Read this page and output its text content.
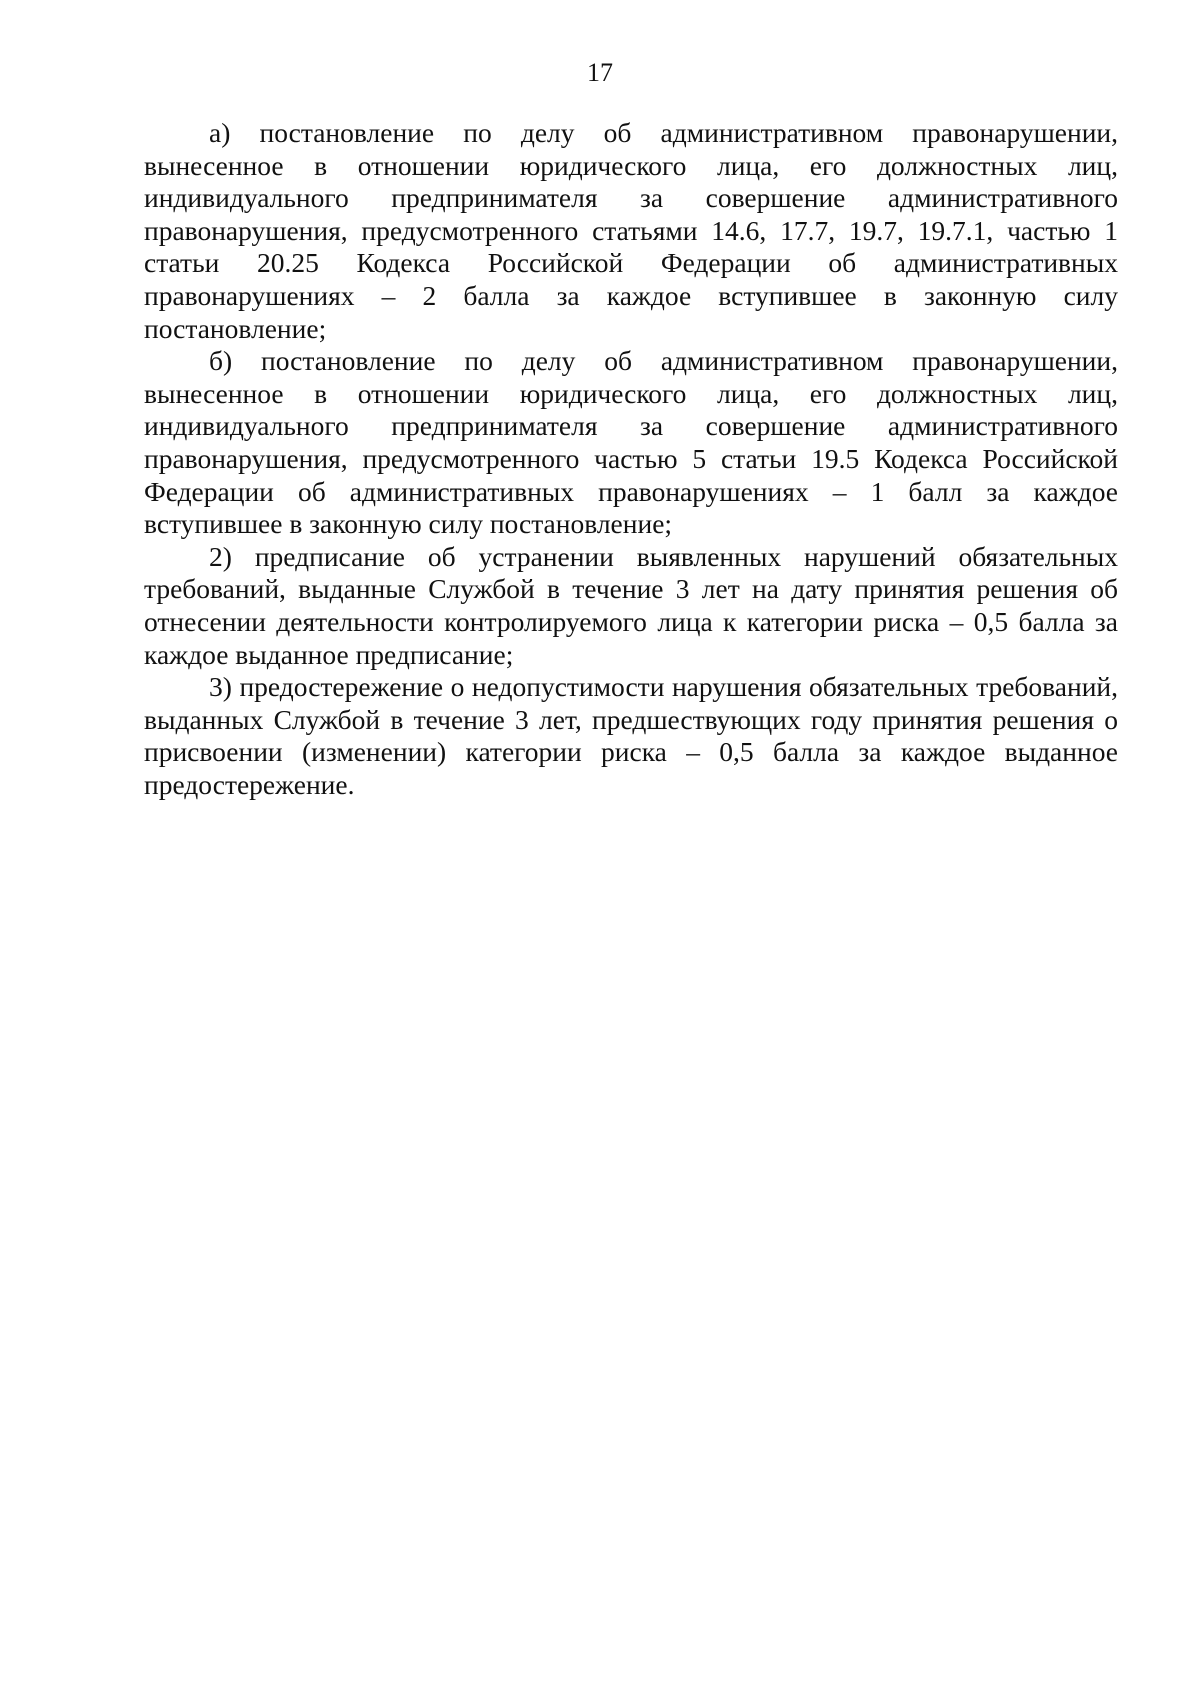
17

а) постановление по делу об административном правонарушении, вынесенное в отношении юридического лица, его должностных лиц, индивидуального предпринимателя за совершение административного правонарушения, предусмотренного статьями 14.6, 17.7, 19.7, 19.7.1, частью 1 статьи 20.25 Кодекса Российской Федерации об административных правонарушениях – 2 балла за каждое вступившее в законную силу постановление;

б) постановление по делу об административном правонарушении, вынесенное в отношении юридического лица, его должностных лиц, индивидуального предпринимателя за совершение административного правонарушения, предусмотренного частью 5 статьи 19.5 Кодекса Российской Федерации об административных правонарушениях – 1 балл за каждое вступившее в законную силу постановление;

2) предписание об устранении выявленных нарушений обязательных требований, выданные Службой в течение 3 лет на дату принятия решения об отнесении деятельности контролируемого лица к категории риска – 0,5 балла за каждое выданное предписание;

3) предостережение о недопустимости нарушения обязательных требований, выданных Службой в течение 3 лет, предшествующих году принятия решения о присвоении (изменении) категории риска – 0,5 балла за каждое выданное предостережение.
